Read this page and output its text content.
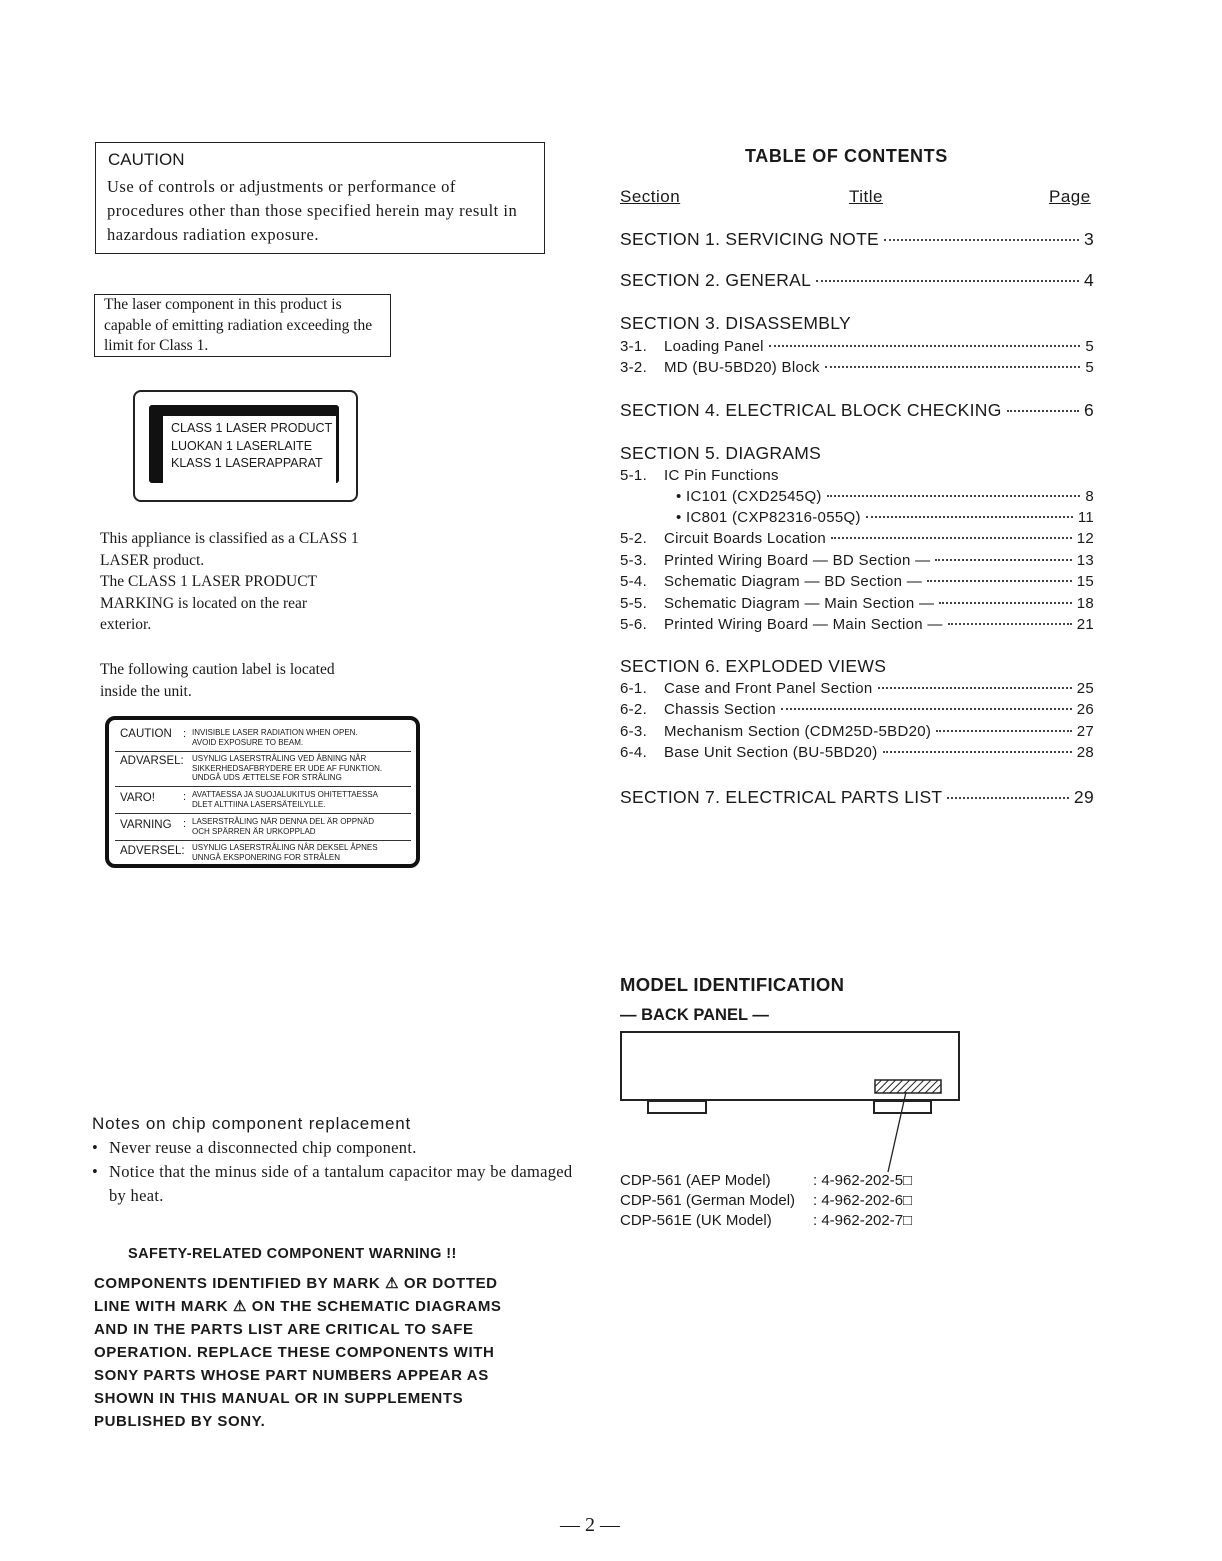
CAUTION
Use of controls or adjustments or performance of procedures other than those specified herein may result in hazardous radiation exposure.
The laser component in this product is capable of emitting radiation exceeding the limit for Class 1.
CLASS 1 LASER PRODUCT
LUOKAN 1 LASERLAITE
KLASS 1 LASERAPPARAT
This appliance is classified as a CLASS 1
LASER product.
The CLASS 1 LASER PRODUCT
MARKING is located on the rear
exterior.
The following caution label is located
inside the unit.
CAUTION : INVISIBLE LASER RADIATION WHEN OPEN.
AVOID EXPOSURE TO BEAM.
ADVARSEL: USYNLIG LASERSTRÅLING VED ÅBNING NÅR
SIKKERHEDSAFBRYDERE ER UDE AF FUNKTION.
UNDGÅ UDS ÆTTELSE FOR STRÅLING
VARO!	: AVATTAESSA JA SUOJALUKITUS OHITETTAESSA
DLET ALTTIINA LASERSÄTEILYLLE.
VARNING : LASERSTRÅLING NÄR DENNA DEL ÄR OPPNÄD
OCH SPÄRREN ÄR URKOPPLAD
ADVERSEL: USYNLIG LASERSTRÅLING NÅR DEKSEL ÅPNES
UNNGÅ EKSPONERING FOR STRÅLEN
Notes on chip component replacement
• Never reuse a disconnected chip component.
• Notice that the minus side of a tantalum capacitor may be damaged by heat.
SAFETY-RELATED COMPONENT WARNING !!
COMPONENTS IDENTIFIED BY MARK ⚠ OR DOTTED
LINE WITH MARK ⚠ ON THE SCHEMATIC DIAGRAMS
AND IN THE PARTS LIST ARE CRITICAL TO SAFE
OPERATION. REPLACE THESE COMPONENTS WITH
SONY PARTS WHOSE PART NUMBERS APPEAR AS
SHOWN IN THIS MANUAL OR IN SUPPLEMENTS
PUBLISHED BY SONY.
TABLE OF CONTENTS
Section	Title	Page
SECTION 1. SERVICING NOTE	3
SECTION 2. GENERAL	4
SECTION 3. DISASSEMBLY
3-1.	Loading Panel	5
3-2.	MD (BU-5BD20) Block	5
SECTION 4. ELECTRICAL BLOCK CHECKING	6
SECTION 5. DIAGRAMS
5-1.	IC Pin Functions
• IC101 (CXD2545Q)	8
• IC801 (CXP82316-055Q)	11
5-2.	Circuit Boards Location	12
5-3.	Printed Wiring Board — BD Section —	13
5-4.	Schematic Diagram — BD Section —	15
5-5.	Schematic Diagram — Main Section —	18
5-6.	Printed Wiring Board — Main Section —	21
SECTION 6. EXPLODED VIEWS
6-1.	Case and Front Panel Section	25
6-2.	Chassis Section	26
6-3.	Mechanism Section (CDM25D-5BD20)	27
6-4.	Base Unit Section (BU-5BD20)	28
SECTION 7. ELECTRICAL PARTS LIST	29
MODEL IDENTIFICATION
— BACK PANEL —
CDP-561 (AEP Model)	: 4-962-202-5□
CDP-561 (German Model) : 4-962-202-6□
CDP-561E (UK Model)	: 4-962-202-7□
— 2 —
